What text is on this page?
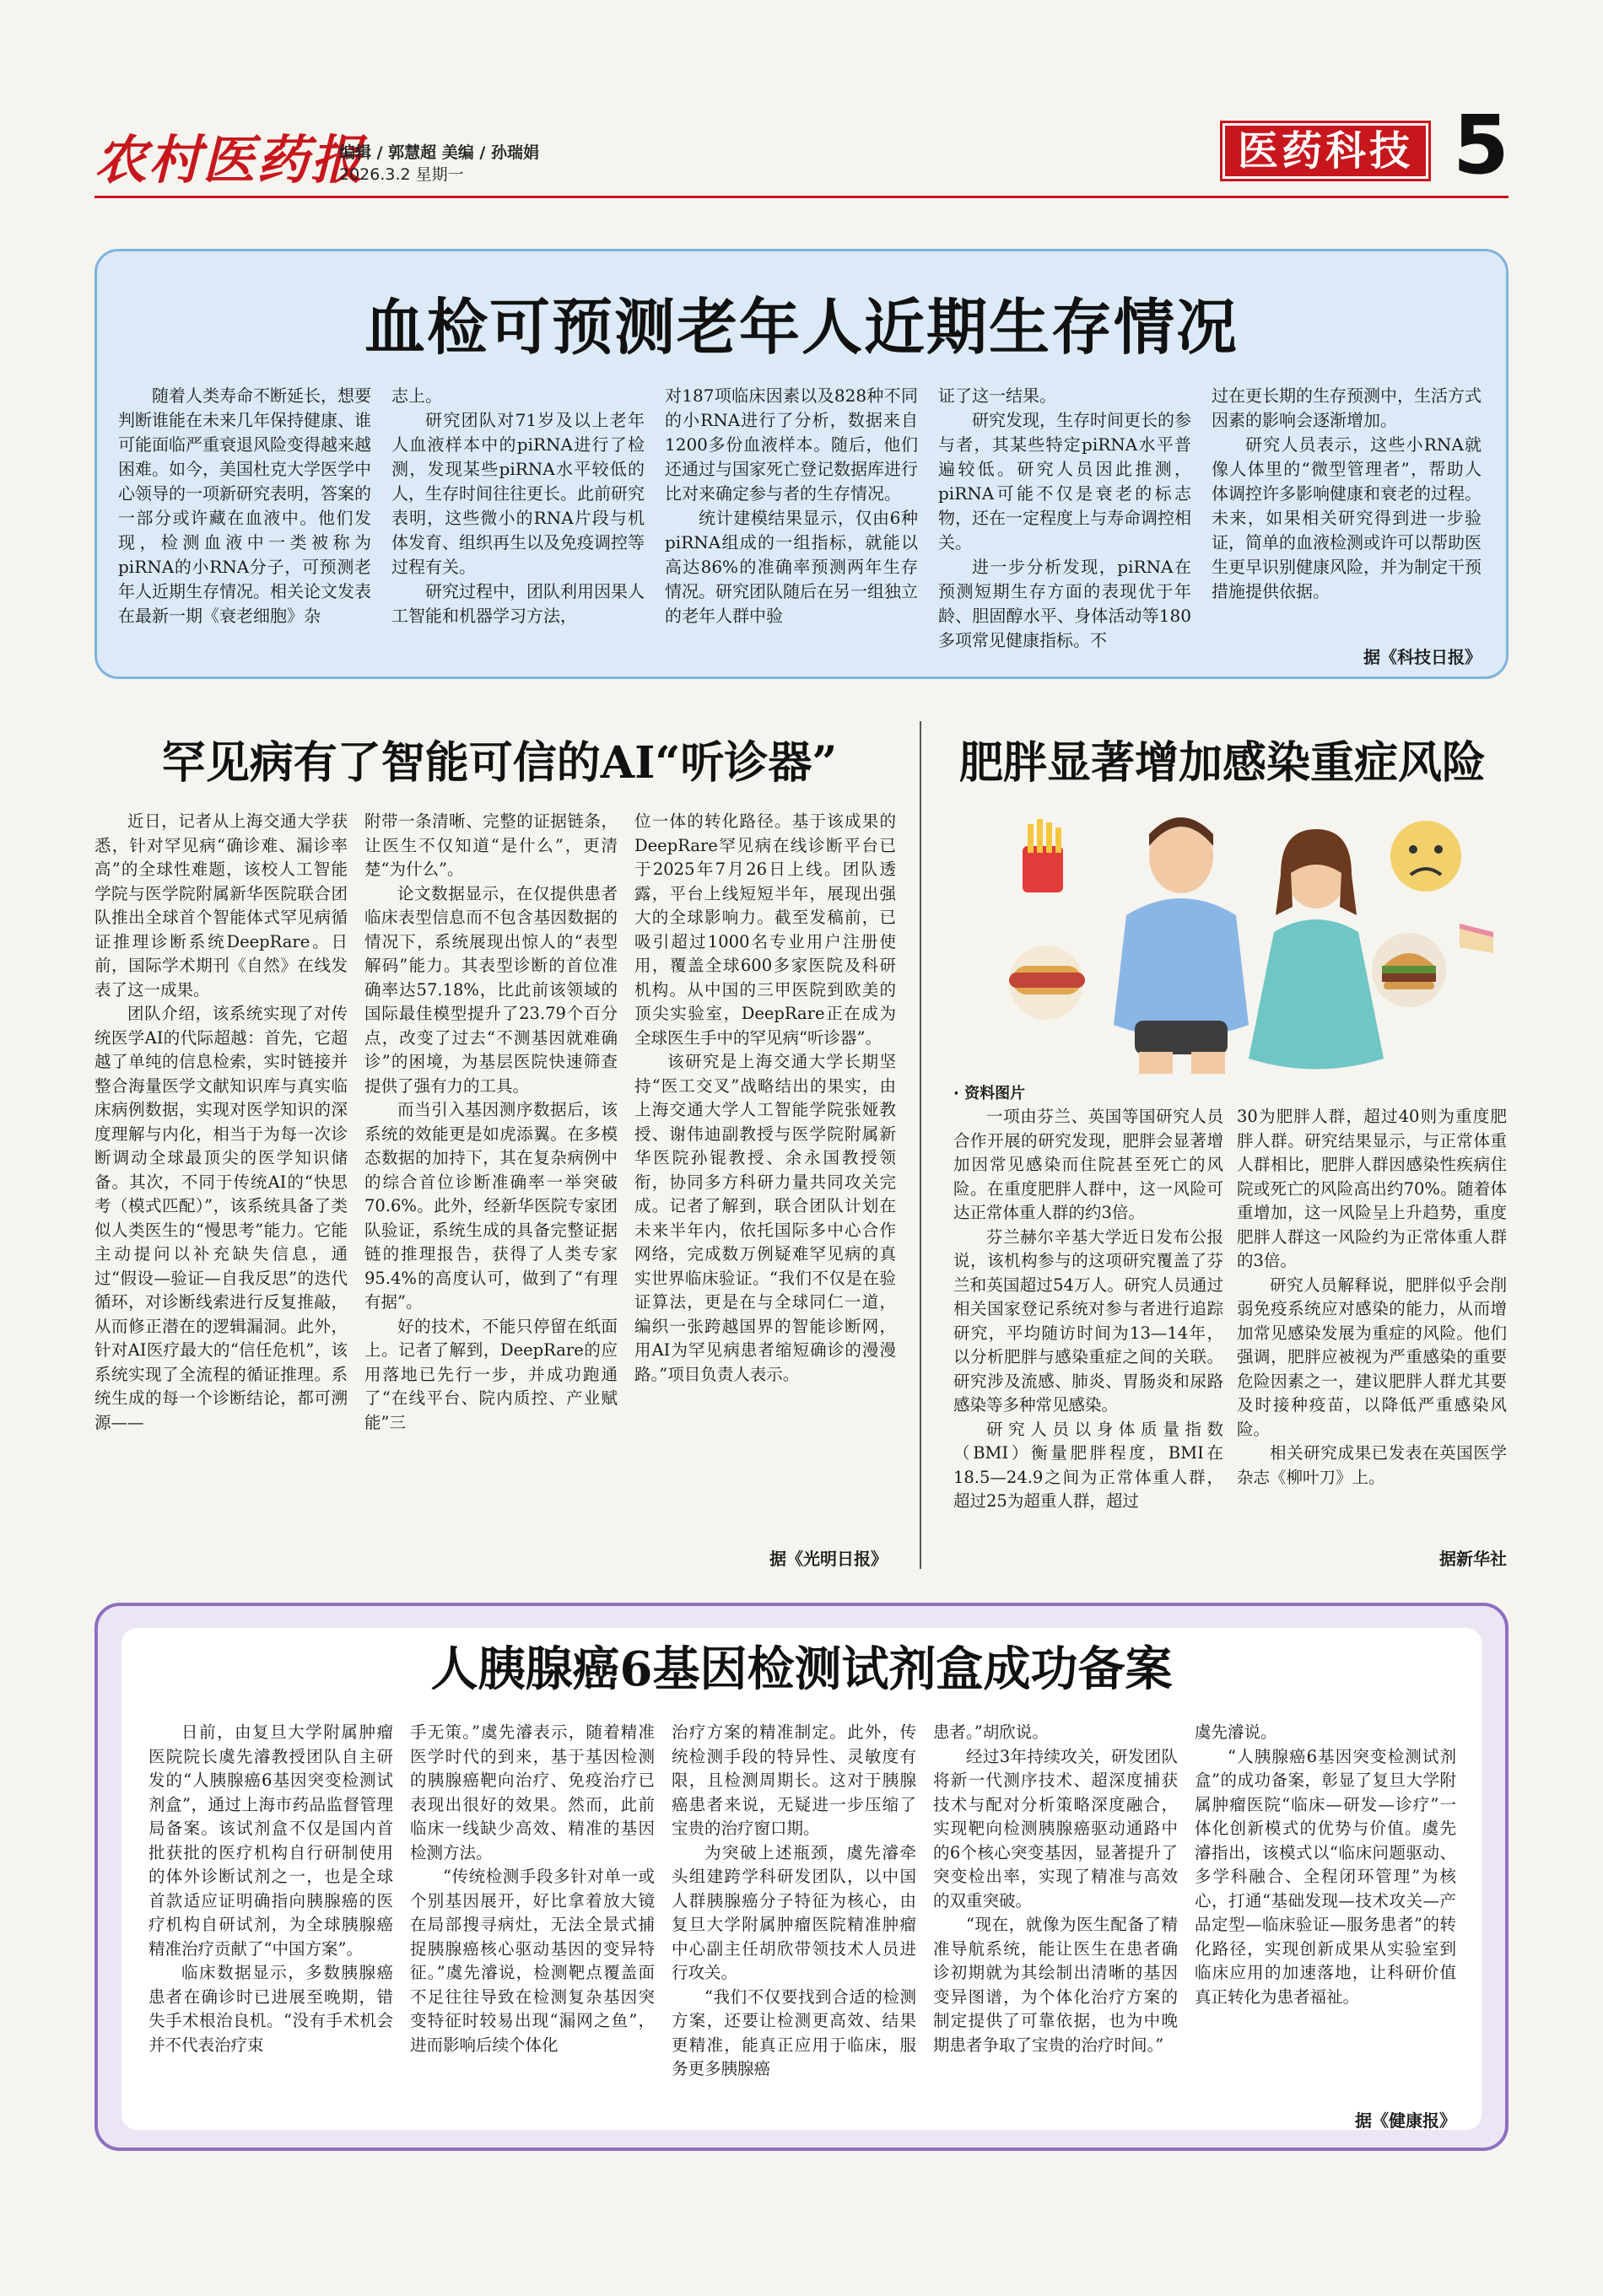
农村医药报
编辑 / 郭慧超 美编 / 孙瑞娟
2026.3.2 星期一	医药科技 5
血检可预测老年人近期生存情况

随着人类寿命不断延长，想要判断谁能在未来几年保持健康、谁可能面临严重衰退风险变得越来越困难。如今，美国杜克大学医学中心领导的一项新研究表明，答案的一部分或许藏在血液中。他们发现，检测血液中一类被称为piRNA的小RNA分子，可预测老年人近期生存情况。相关论文发表在最新一期《衰老细胞》杂

志上。

研究团队对71岁及以上老年人血液样本中的piRNA进行了检测，发现某些piRNA水平较低的人，生存时间往往更长。此前研究表明，这些微小的RNA片段与机体发育、组织再生以及免疫调控等过程有关。

研究过程中，团队利用因果人工智能和机器学习方法，

对187项临床因素以及828种不同的小RNA进行了分析，数据来自1200多份血液样本。随后，他们还通过与国家死亡登记数据库进行比对来确定参与者的生存情况。

统计建模结果显示，仅由6种piRNA组成的一组指标，就能以高达86%的准确率预测两年生存情况。研究团队随后在另一组独立的老年人群中验

证了这一结果。

研究发现，生存时间更长的参与者，其某些特定piRNA水平普遍较低。研究人员因此推测，piRNA可能不仅是衰老的标志物，还在一定程度上与寿命调控相关。

进一步分析发现，piRNA在预测短期生存方面的表现优于年龄、胆固醇水平、身体活动等180多项常见健康指标。不

过在更长期的生存预测中，生活方式因素的影响会逐渐增加。

研究人员表示，这些小RNA就像人体里的“微型管理者”，帮助人体调控许多影响健康和衰老的过程。未来，如果相关研究得到进一步验证，简单的血液检测或许可以帮助医生更早识别健康风险，并为制定干预措施提供依据。

据《科技日报》
罕见病有了智能可信的AI“听诊器”

近日，记者从上海交通大学获悉，针对罕见病“确诊难、漏诊率高”的全球性难题，该校人工智能学院与医学院附属新华医院联合团队推出全球首个智能体式罕见病循证推理诊断系统DeepRare。日前，国际学术期刊《自然》在线发表了这一成果。

团队介绍，该系统实现了对传统医学AI的代际超越：首先，它超越了单纯的信息检索，实时链接并整合海量医学文献知识库与真实临床病例数据，实现对医学知识的深度理解与内化，相当于为每一次诊断调动全球最顶尖的医学知识储备。其次，不同于传统AI的“快思考（模式匹配）”，该系统具备了类似人类医生的“慢思考”能力。它能主动提问以补充缺失信息，通过“假设—验证—自我反思”的迭代循环，对诊断线索进行反复推敲，从而修正潜在的逻辑漏洞。此外，针对AI医疗最大的“信任危机”，该系统实现了全流程的循证推理。系统生成的每一个诊断结论，都可溯源——

附带一条清晰、完整的证据链条，让医生不仅知道“是什么”，更清楚“为什么”。

论文数据显示，在仅提供患者临床表型信息而不包含基因数据的情况下，系统展现出惊人的“表型解码”能力。其表型诊断的首位准确率达57.18%，比此前该领域的国际最佳模型提升了23.79个百分点，改变了过去“不测基因就难确诊”的困境，为基层医院快速筛查提供了强有力的工具。

而当引入基因测序数据后，该系统的效能更是如虎添翼。在多模态数据的加持下，其在复杂病例中的综合首位诊断准确率一举突破70.6%。此外，经新华医院专家团队验证，系统生成的具备完整证据链的推理报告，获得了人类专家95.4%的高度认可，做到了“有理有据”。

好的技术，不能只停留在纸面上。记者了解到，DeepRare的应用落地已先行一步，并成功跑通了“在线平台、院内质控、产业赋能”三

位一体的转化路径。基于该成果的DeepRare罕见病在线诊断平台已于2025年7月26日上线。团队透露，平台上线短短半年，展现出强大的全球影响力。截至发稿前，已吸引超过1000名专业用户注册使用，覆盖全球600多家医院及科研机构。从中国的三甲医院到欧美的顶尖实验室，DeepRare正在成为全球医生手中的罕见病“听诊器”。

该研究是上海交通大学长期坚持“医工交叉”战略结出的果实，由上海交通大学人工智能学院张娅教授、谢伟迪副教授与医学院附属新华医院孙锟教授、余永国教授领衔，协同多方科研力量共同攻关完成。记者了解到，联合团队计划在未来半年内，依托国际多中心合作网络，完成数万例疑难罕见病的真实世界临床验证。“我们不仅是在验证算法，更是在与全球同仁一道，编织一张跨越国界的智能诊断网，用AI为罕见病患者缩短确诊的漫漫路。”项目负责人表示。

据《光明日报》
肥胖显著增加感染重症风险
· 资料图片

一项由芬兰、英国等国研究人员合作开展的研究发现，肥胖会显著增加因常见感染而住院甚至死亡的风险。在重度肥胖人群中，这一风险可达正常体重人群的约3倍。

芬兰赫尔辛基大学近日发布公报说，该机构参与的这项研究覆盖了芬兰和英国超过54万人。研究人员通过相关国家登记系统对参与者进行追踪研究，平均随访时间为13—14年，以分析肥胖与感染重症之间的关联。研究涉及流感、肺炎、胃肠炎和尿路感染等多种常见感染。

研究人员以身体质量指数（BMI）衡量肥胖程度，BMI在18.5—24.9之间为正常体重人群，超过25为超重人群，超过

30为肥胖人群，超过40则为重度肥胖人群。研究结果显示，与正常体重人群相比，肥胖人群因感染性疾病住院或死亡的风险高出约70%。随着体重增加，这一风险呈上升趋势，重度肥胖人群这一风险约为正常体重人群的3倍。

研究人员解释说，肥胖似乎会削弱免疫系统应对感染的能力，从而增加常见感染发展为重症的风险。他们强调，肥胖应被视为严重感染的重要危险因素之一，建议肥胖人群尤其要及时接种疫苗，以降低严重感染风险。

相关研究成果已发表在英国医学杂志《柳叶刀》上。

据新华社
人胰腺癌6基因检测试剂盒成功备案

日前，由复旦大学附属肿瘤医院院长虞先濬教授团队自主研发的“人胰腺癌6基因突变检测试剂盒”，通过上海市药品监督管理局备案。该试剂盒不仅是国内首批获批的医疗机构自行研制使用的体外诊断试剂之一，也是全球首款适应证明确指向胰腺癌的医疗机构自研试剂，为全球胰腺癌精准治疗贡献了“中国方案”。

临床数据显示，多数胰腺癌患者在确诊时已进展至晚期，错失手术根治良机。“没有手术机会并不代表治疗束

手无策。”虞先濬表示，随着精准医学时代的到来，基于基因检测的胰腺癌靶向治疗、免疫治疗已表现出很好的效果。然而，此前临床一线缺少高效、精准的基因检测方法。

“传统检测手段多针对单一或个别基因展开，好比拿着放大镜在局部搜寻病灶，无法全景式捕捉胰腺癌核心驱动基因的变异特征。”虞先濬说，检测靶点覆盖面不足往往导致在检测复杂基因突变特征时较易出现“漏网之鱼”，进而影响后续个体化

治疗方案的精准制定。此外，传统检测手段的特异性、灵敏度有限，且检测周期长。这对于胰腺癌患者来说，无疑进一步压缩了宝贵的治疗窗口期。

为突破上述瓶颈，虞先濬牵头组建跨学科研发团队，以中国人群胰腺癌分子特征为核心，由复旦大学附属肿瘤医院精准肿瘤中心副主任胡欣带领技术人员进行攻关。

“我们不仅要找到合适的检测方案，还要让检测更高效、结果更精准，能真正应用于临床，服务更多胰腺癌

患者。”胡欣说。

经过3年持续攻关，研发团队将新一代测序技术、超深度捕获技术与配对分析策略深度融合，实现靶向检测胰腺癌驱动通路中的6个核心突变基因，显著提升了突变检出率，实现了精准与高效的双重突破。

“现在，就像为医生配备了精准导航系统，能让医生在患者确诊初期就为其绘制出清晰的基因变异图谱，为个体化治疗方案的制定提供了可靠依据，也为中晚期患者争取了宝贵的治疗时间。”

虞先濬说。

“人胰腺癌6基因突变检测试剂盒”的成功备案，彰显了复旦大学附属肿瘤医院“临床—研发—诊疗”一体化创新模式的优势与价值。虞先濬指出，该模式以“临床问题驱动、多学科融合、全程闭环管理”为核心，打通“基础发现—技术攻关—产品定型—临床验证—服务患者”的转化路径，实现创新成果从实验室到临床应用的加速落地，让科研价值真正转化为患者福祉。

据《健康报》
